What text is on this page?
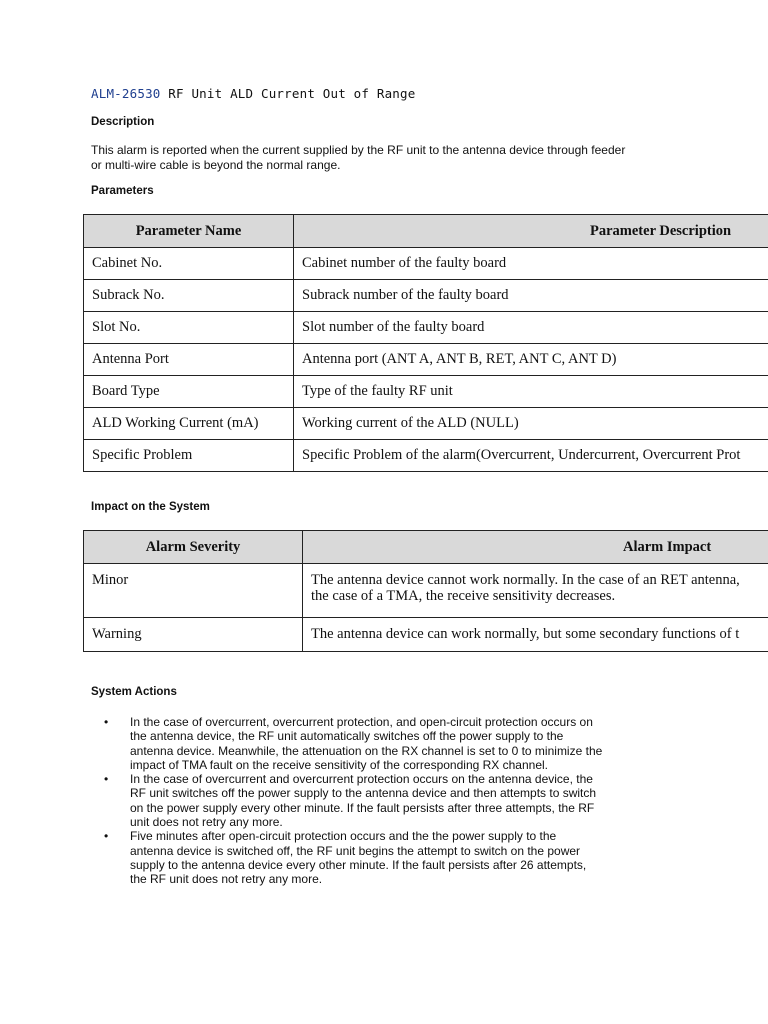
ALM-26530 RF Unit ALD Current Out of Range
Description
This alarm is reported when the current supplied by the RF unit to the antenna device through feeder
or multi-wire cable is beyond the normal range.
Parameters
Parameter Name	Parameter Description
Cabinet No.	Cabinet number of the faulty board
Subrack No.	Subrack number of the faulty board
Slot No.	Slot number of the faulty board
Antenna Port	Antenna port (ANT A, ANT B, RET, ANT C, ANT D)
Board Type	Type of the faulty RF unit
ALD Working Current (mA)	Working current of the ALD (NULL)
Specific Problem	Specific Problem of the alarm(Overcurrent, Undercurrent, Overcurrent Prot
Impact on the System
Alarm Severity	Alarm Impact
Minor	The antenna device cannot work normally. In the case of an RET antenna,
the case of a TMA, the receive sensitivity decreases.

Warning	The antenna device can work normally, but some secondary functions of t
System Actions
• In the case of overcurrent, overcurrent protection, and open-circuit protection occurs on
the antenna device, the RF unit automatically switches off the power supply to the
antenna device. Meanwhile, the attenuation on the RX channel is set to 0 to minimize the
impact of TMA fault on the receive sensitivity of the corresponding RX channel.
• In the case of overcurrent and overcurrent protection occurs on the antenna device, the
RF unit switches off the power supply to the antenna device and then attempts to switch
on the power supply every other minute. If the fault persists after three attempts, the RF
unit does not retry any more.
• Five minutes after open-circuit protection occurs and the the power supply to the
antenna device is switched off, the RF unit begins the attempt to switch on the power
supply to the antenna device every other minute. If the fault persists after 26 attempts,
the RF unit does not retry any more.
